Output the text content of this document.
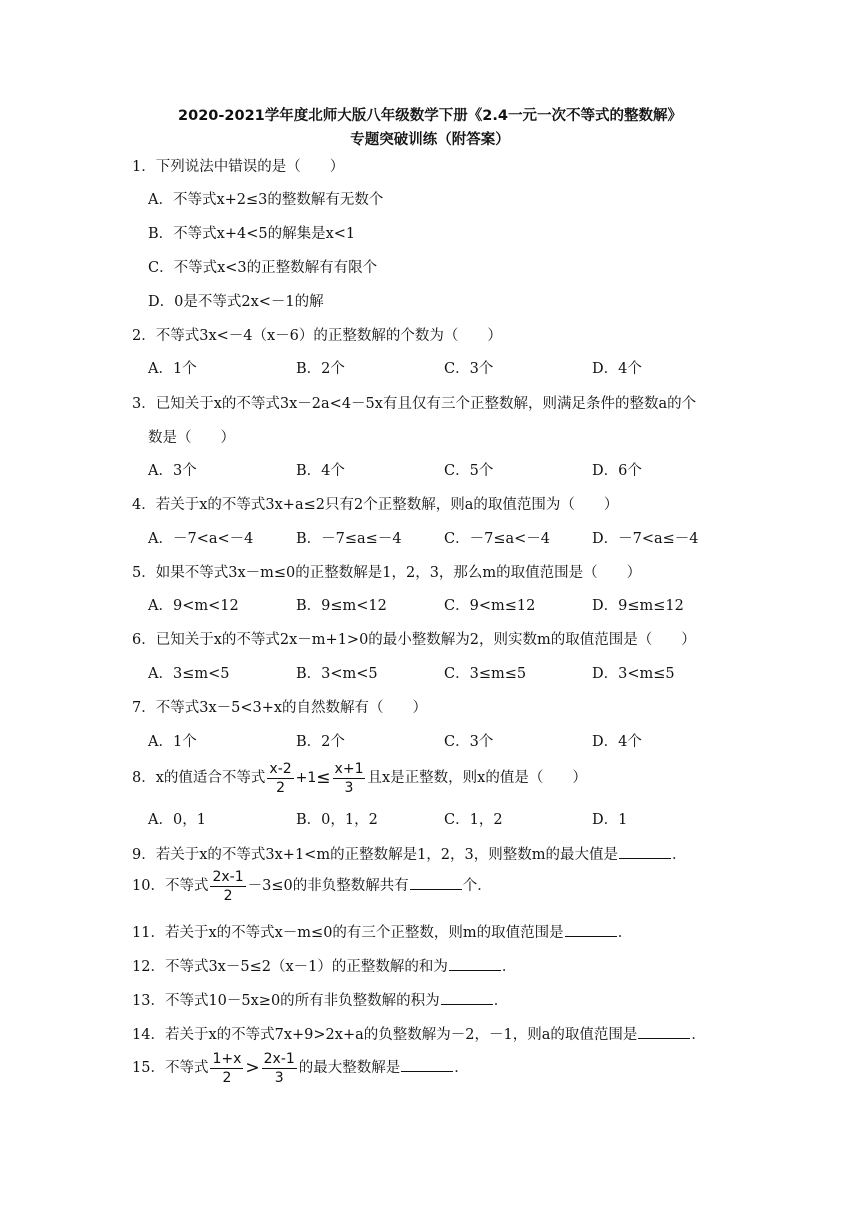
2020-2021学年度北师大版八年级数学下册《2.4一元一次不等式的整数解》
专题突破训练（附答案）
1．下列说法中错误的是（　　）
A．不等式x+2≤3的整数解有无数个
B．不等式x+4<5的解集是x<1
C．不等式x<3的正整数解有有限个
D．0是不等式2x<－1的解
2．不等式3x<－4（x－6）的正整数解的个数为（　　）
A．1个	B．2个	C．3个	D．4个
3．已知关于x的不等式3x－2a<4－5x有且仅有三个正整数解，则满足条件的整数a的个
数是（　　）
A．3个	B．4个	C．5个	D．6个
4．若关于x的不等式3x+a≤2只有2个正整数解，则a的取值范围为（　　）
A．－7<a<－4	B．－7≤a≤－4	C．－7≤a<－4	D．－7<a≤－4
5．如果不等式3x－m≤0的正整数解是1，2，3，那么m的取值范围是（　　）
A．9<m<12	B．9≤m<12	C．9<m≤12	D．9≤m≤12
6．已知关于x的不等式2x－m+1>0的最小整数解为2，则实数m的取值范围是（　　）
A．3≤m<5	B．3<m<5	C．3≤m≤5	D．3<m≤5
7．不等式3x－5<3+x的自然数解有（　　）
A．1个	B．2个	C．3个	D．4个
8．x的值适合不等式 $\frac{x-2}{2} +1\le \frac{x+1}{3}$ 且x是正整数，则x的值是（　　）
A．0，1	B．0，1，2	C．1，2	D．1
9．若关于x的不等式3x+1<m的正整数解是1，2，3，则整数m的最大值是	．
10．不等式 $\frac{2x-1}{2} -3\le 0$的非负整数解共有	个．
11．若关于x的不等式x－m≤0的有三个正整数，则m的取值范围是	．
12．不等式3x－5≤2（x－1）的正整数解的和为	．
13．不等式10－5x≥0的所有非负整数解的积为	．
14．若关于x的不等式7x+9>2x+a的负整数解为－2，－1，则a的取值范围是	．
15．不等式 $\frac{1+x}{2} > \frac{2x-1}{3}$ 的最大整数解是	．
